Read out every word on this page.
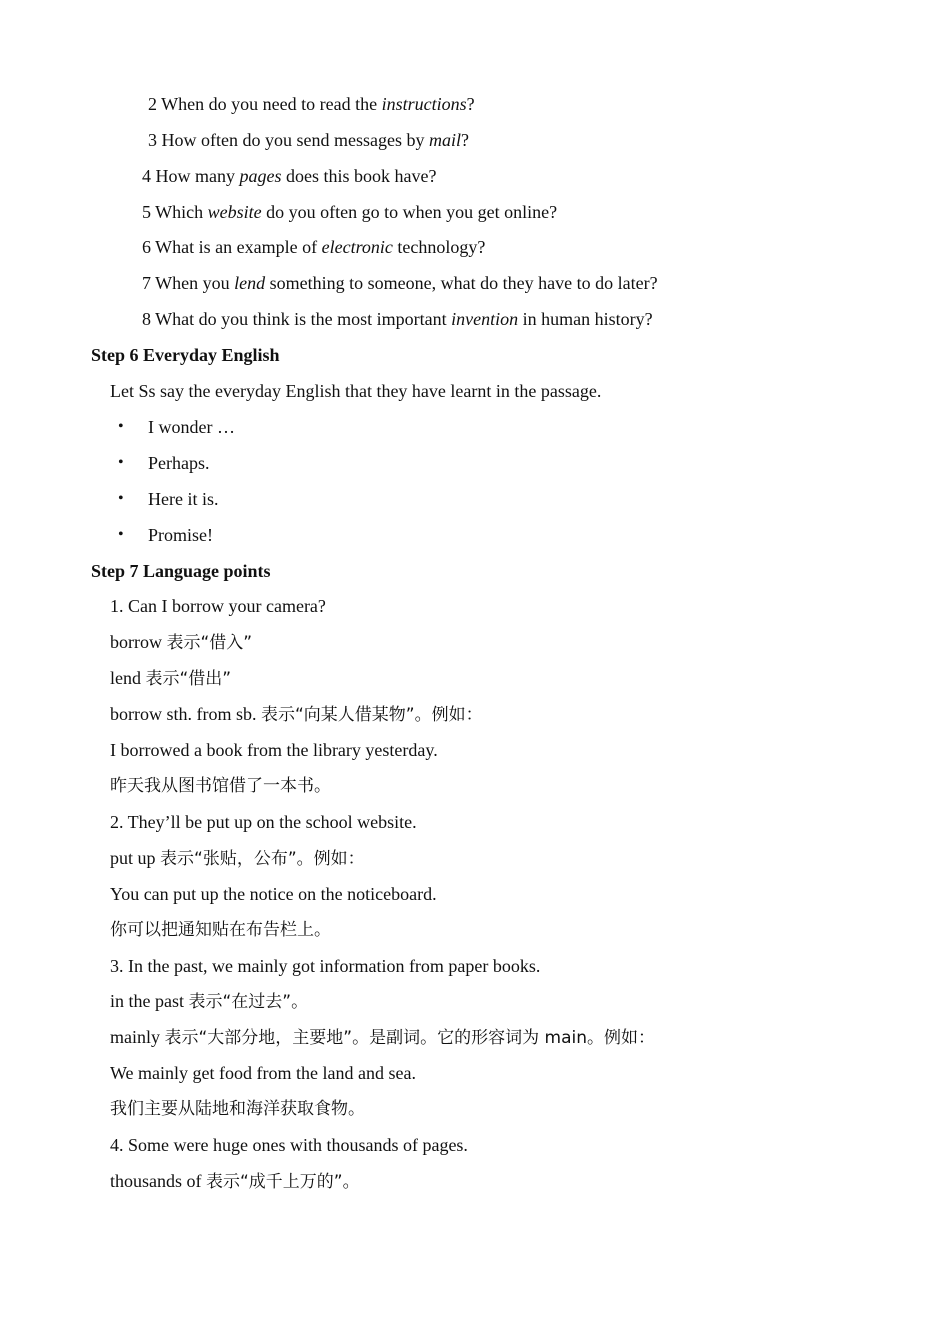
2 When do you need to read the instructions?
3 How often do you send messages by mail?
4 How many pages does this book have?
5 Which website do you often go to when you get online?
6 What is an example of electronic technology?
7 When you lend something to someone, what do they have to do later?
8 What do you think is the most important invention in human history?
Step 6 Everyday English
Let Ss say the everyday English that they have learnt in the passage.
• I wonder …
• Perhaps.
• Here it is.
• Promise!
Step 7 Language points
1. Can I borrow your camera?
borrow 表示“借入”
lend 表示“借出”
borrow sth. from sb. 表示“向某人借某物”。例如：
I borrowed a book from the library yesterday.
昨天我从图书馆借了一本书。
2. They’ll be put up on the school website.
put up 表示“张贴，公布”。例如：
You can put up the notice on the noticeboard.
你可以把通知贴在布告栏上。
3. In the past, we mainly got information from paper books.
in the past 表示“在过去”。
mainly 表示“大部分地，主要地”。是副词。它的形容词为 main。例如：
We mainly get food from the land and sea.
我们主要从陆地和海洋获取食物。
4. Some were huge ones with thousands of pages.
thousands of 表示“成千上万的”。
